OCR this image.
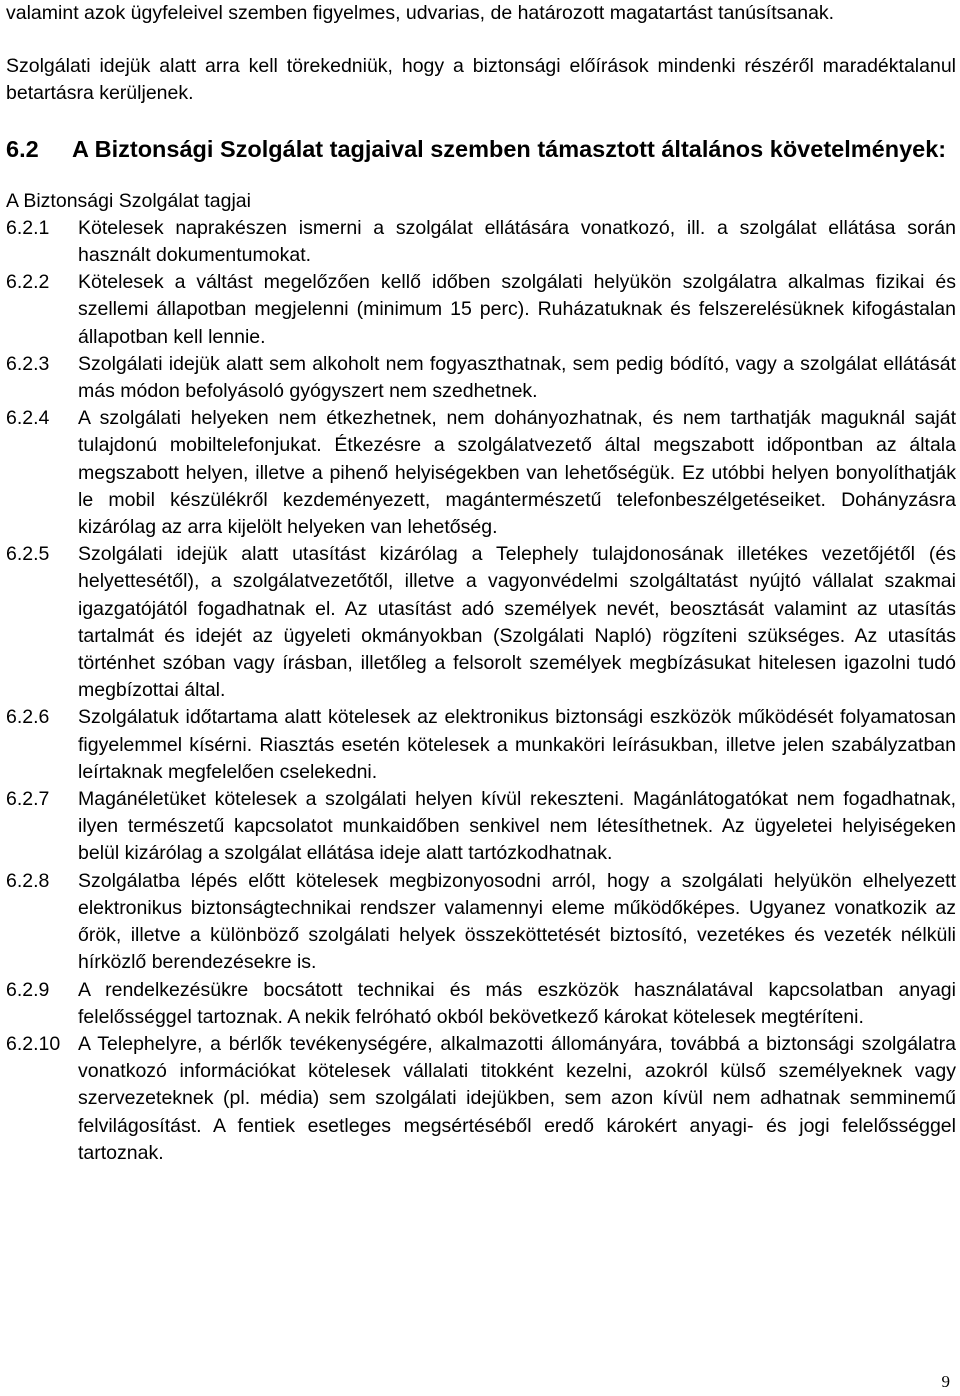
valamint azok ügyfeleivel szemben figyelmes, udvarias, de határozott magatartást tanúsítsanak.

Szolgálati idejük alatt arra kell törekedniük, hogy a biztonsági előírások mindenki részéről maradéktalanul betartásra kerüljenek.

6.2	A Biztonsági Szolgálat tagjaival szemben támasztott általános követelmények:

A Biztonsági Szolgálat tagjai

6.2.1	Kötelesek naprakészen ismerni a szolgálat ellátására vonatkozó, ill. a szolgálat ellátása során használt dokumentumokat.

6.2.2	Kötelesek a váltást megelőzően kellő időben szolgálati helyükön szolgálatra alkalmas fizikai és szellemi állapotban megjelenni (minimum 15 perc). Ruházatuknak és felszerelésüknek kifogástalan állapotban kell lennie.

6.2.3	Szolgálati idejük alatt sem alkoholt nem fogyaszthatnak, sem pedig bódító, vagy a szolgálat ellátását más módon befolyásoló gyógyszert nem szedhetnek.

6.2.4	A szolgálati helyeken nem étkezhetnek, nem dohányozhatnak, és nem tarthatják maguknál saját tulajdonú mobiltelefonjukat. Étkezésre a szolgálatvezető által megszabott időpontban az általa megszabott helyen, illetve a pihenő helyiségekben van lehetőségük. Ez utóbbi helyen bonyolíthatják le mobil készülékről kezdeményezett, magántermészetű telefonbeszélgetéseiket. Dohányzásra kizárólag az arra kijelölt helyeken van lehetőség.

6.2.5	Szolgálati idejük alatt utasítást kizárólag a Telephely tulajdonosának illetékes vezetőjétől (és helyettesétől), a szolgálatvezetőtől, illetve a vagyonvédelmi szolgáltatást nyújtó vállalat szakmai igazgatójától fogadhatnak el. Az utasítást adó személyek nevét, beosztását valamint az utasítás tartalmát és idejét az ügyeleti okmányokban (Szolgálati Napló) rögzíteni szükséges. Az utasítás történhet szóban vagy írásban, illetőleg a felsorolt személyek megbízásukat hitelesen igazolni tudó megbízottai által.

6.2.6	Szolgálatuk időtartama alatt kötelesek az elektronikus biztonsági eszközök működését folyamatosan figyelemmel kísérni. Riasztás esetén kötelesek a munkaköri leírásukban, illetve jelen szabályzatban leírtaknak megfelelően cselekedni.

6.2.7	Magánéletüket kötelesek a szolgálati helyen kívül rekeszteni. Magánlátogatókat nem fogadhatnak, ilyen természetű kapcsolatot munkaidőben senkivel nem létesíthetnek. Az ügyeletei helyiségeken belül kizárólag a szolgálat ellátása ideje alatt tartózkodhatnak.

6.2.8	Szolgálatba lépés előtt kötelesek megbizonyosodni arról, hogy a szolgálati helyükön elhelyezett elektronikus biztonságtechnikai rendszer valamennyi eleme működőképes. Ugyanez vonatkozik az őrök, illetve a különböző szolgálati helyek összeköttetését biztosító, vezetékes és vezeték nélküli hírközlő berendezésekre is.

6.2.9	A rendelkezésükre bocsátott technikai és más eszközök használatával kapcsolatban anyagi felelősséggel tartoznak. A nekik felróható okból bekövetkező károkat kötelesek megtéríteni.

6.2.10 A Telephelyre, a bérlők tevékenységére, alkalmazotti állományára, továbbá a biztonsági szolgálatra vonatkozó információkat kötelesek vállalati titokként kezelni, azokról külső személyeknek vagy szervezeteknek (pl. média) sem szolgálati idejükben, sem azon kívül nem adhatnak semminemű felvilágosítást. A fentiek esetleges megsértéséből eredő károkért anyagi- és jogi felelősséggel tartoznak.

9
